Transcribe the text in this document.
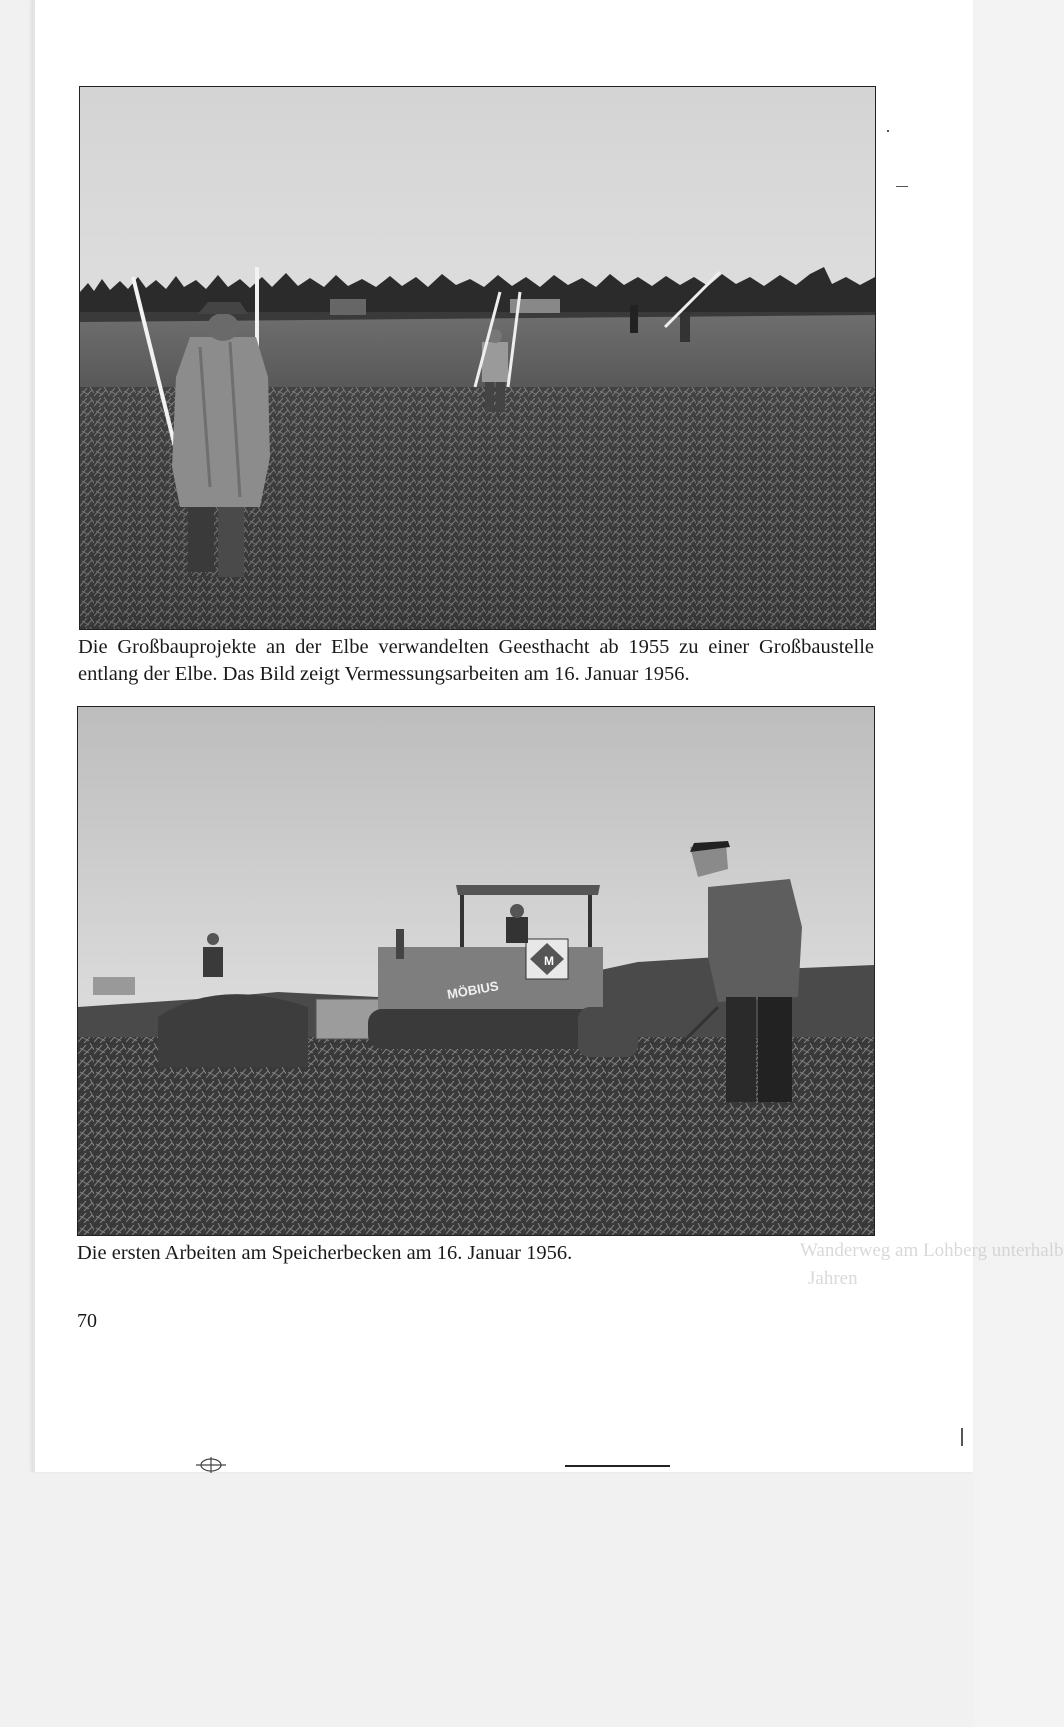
Die Großbauprojekte an der Elbe verwandelten Geesthacht ab 1955 zu einer Großbaustelle
entlang der Elbe. Das Bild zeigt Vermessungsarbeiten am 16. Januar 1956.

M
MÖBIUS

Die ersten Arbeiten am Speicherbecken am 16. Januar 1956.	Wanderweg am Lohberg unterhalb
Jahren
70
